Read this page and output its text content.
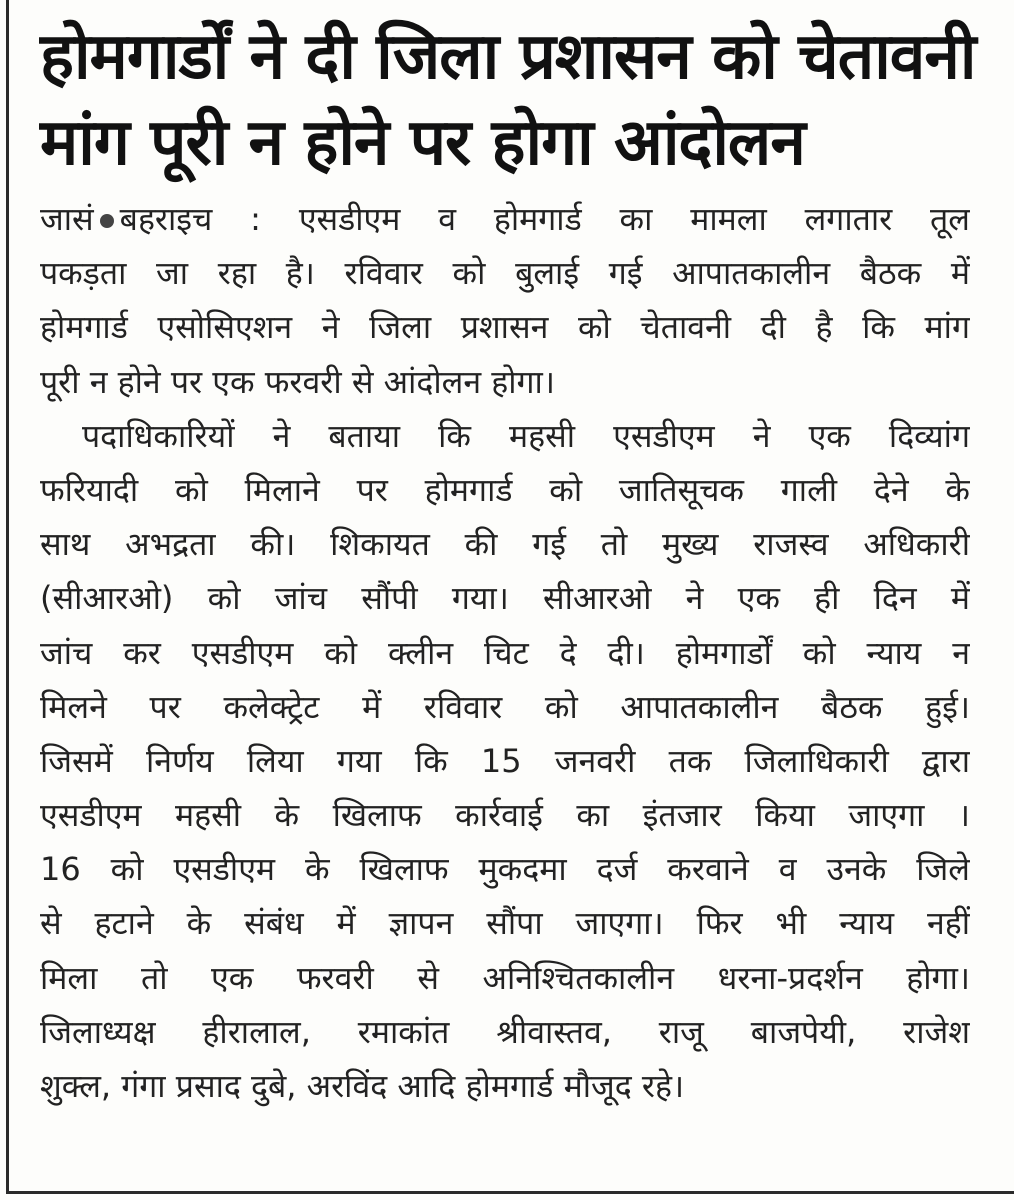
होमगार्डों ने दी जिला प्रशासन को चेतावनी
मांग पूरी न होने पर होगा आंदोलन
जासं बहराइच : एसडीएम व होमगार्ड का मामला लगातार तूल
पकड़ता जा रहा है। रविवार को बुलाई गई आपातकालीन बैठक में
होमगार्ड एसोसिएशन ने जिला प्रशासन को चेतावनी दी है कि मांग
पूरी न होने पर एक फरवरी से आंदोलन होगा।
पदाधिकारियों ने बताया कि महसी एसडीएम ने एक दिव्यांग
फरियादी को मिलाने पर होमगार्ड को जातिसूचक गाली देने के
साथ अभद्रता की। शिकायत की गई तो मुख्य राजस्व अधिकारी
(सीआरओ) को जांच सौंपी गया। सीआरओ ने एक ही दिन में
जांच कर एसडीएम को क्लीन चिट दे दी। होमगार्डों को न्याय न
मिलने पर कलेक्ट्रेट में रविवार को आपातकालीन बैठक हुई।
जिसमें निर्णय लिया गया कि 15 जनवरी तक जिलाधिकारी द्वारा
एसडीएम महसी के खिलाफ कार्रवाई का इंतजार किया जाएगा ।
16 को एसडीएम के खिलाफ मुकदमा दर्ज करवाने व उनके जिले
से हटाने के संबंध में ज्ञापन सौंपा जाएगा। फिर भी न्याय नहीं
मिला तो एक फरवरी से अनिश्चितकालीन धरना-प्रदर्शन होगा।
जिलाध्यक्ष हीरालाल, रमाकांत श्रीवास्तव, राजू बाजपेयी, राजेश
शुक्ल, गंगा प्रसाद दुबे, अरविंद आदि होमगार्ड मौजूद रहे।
